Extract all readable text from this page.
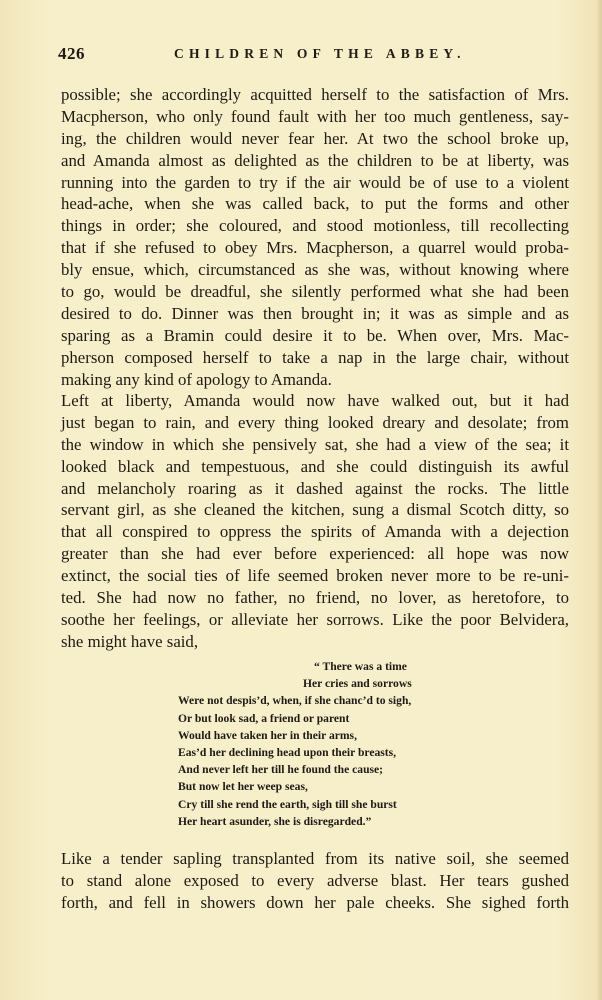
426	CHILDREN OF THE ABBEY.
possible; she accordingly acquitted herself to the satisfaction of Mrs.
Macpherson, who only found fault with her too much gentleness, say-
ing, the children would never fear her. At two the school broke up,
and Amanda almost as delighted as the children to be at liberty, was
running into the garden to try if the air would be of use to a violent
head-ache, when she was called back, to put the forms and other
things in order; she coloured, and stood motionless, till recollecting
that if she refused to obey Mrs. Macpherson, a quarrel would proba-
bly ensue, which, circumstanced as she was, without knowing where
to go, would be dreadful, she silently performed what she had been
desired to do. Dinner was then brought in; it was as simple and as
sparing as a Bramin could desire it to be. When over, Mrs. Mac-
pherson composed herself to take a nap in the large chair, without
making any kind of apology to Amanda.
Left at liberty, Amanda would now have walked out, but it had
just began to rain, and every thing looked dreary and desolate; from
the window in which she pensively sat, she had a view of the sea; it
looked black and tempestuous, and she could distinguish its awful
and melancholy roaring as it dashed against the rocks. The little
servant girl, as she cleaned the kitchen, sung a dismal Scotch ditty, so
that all conspired to oppress the spirits of Amanda with a dejection
greater than she had ever before experienced: all hope was now
extinct, the social ties of life seemed broken never more to be re-uni-
ted. She had now no father, no friend, no lover, as heretofore, to
soothe her feelings, or alleviate her sorrows. Like the poor Belvidera,
she might have said,
“ There was a time
Her cries and sorrows
Were not despis’d, when, if she chanc’d to sigh,
Or but look sad, a friend or parent
Would have taken her in their arms,
Eas’d her declining head upon their breasts,
And never left her till he found the cause;
But now let her weep seas,
Cry till she rend the earth, sigh till she burst
Her heart asunder, she is disregarded.”
Like a tender sapling transplanted from its native soil, she seemed
to stand alone exposed to every adverse blast. Her tears gushed
forth, and fell in showers down her pale cheeks. She sighed forth
